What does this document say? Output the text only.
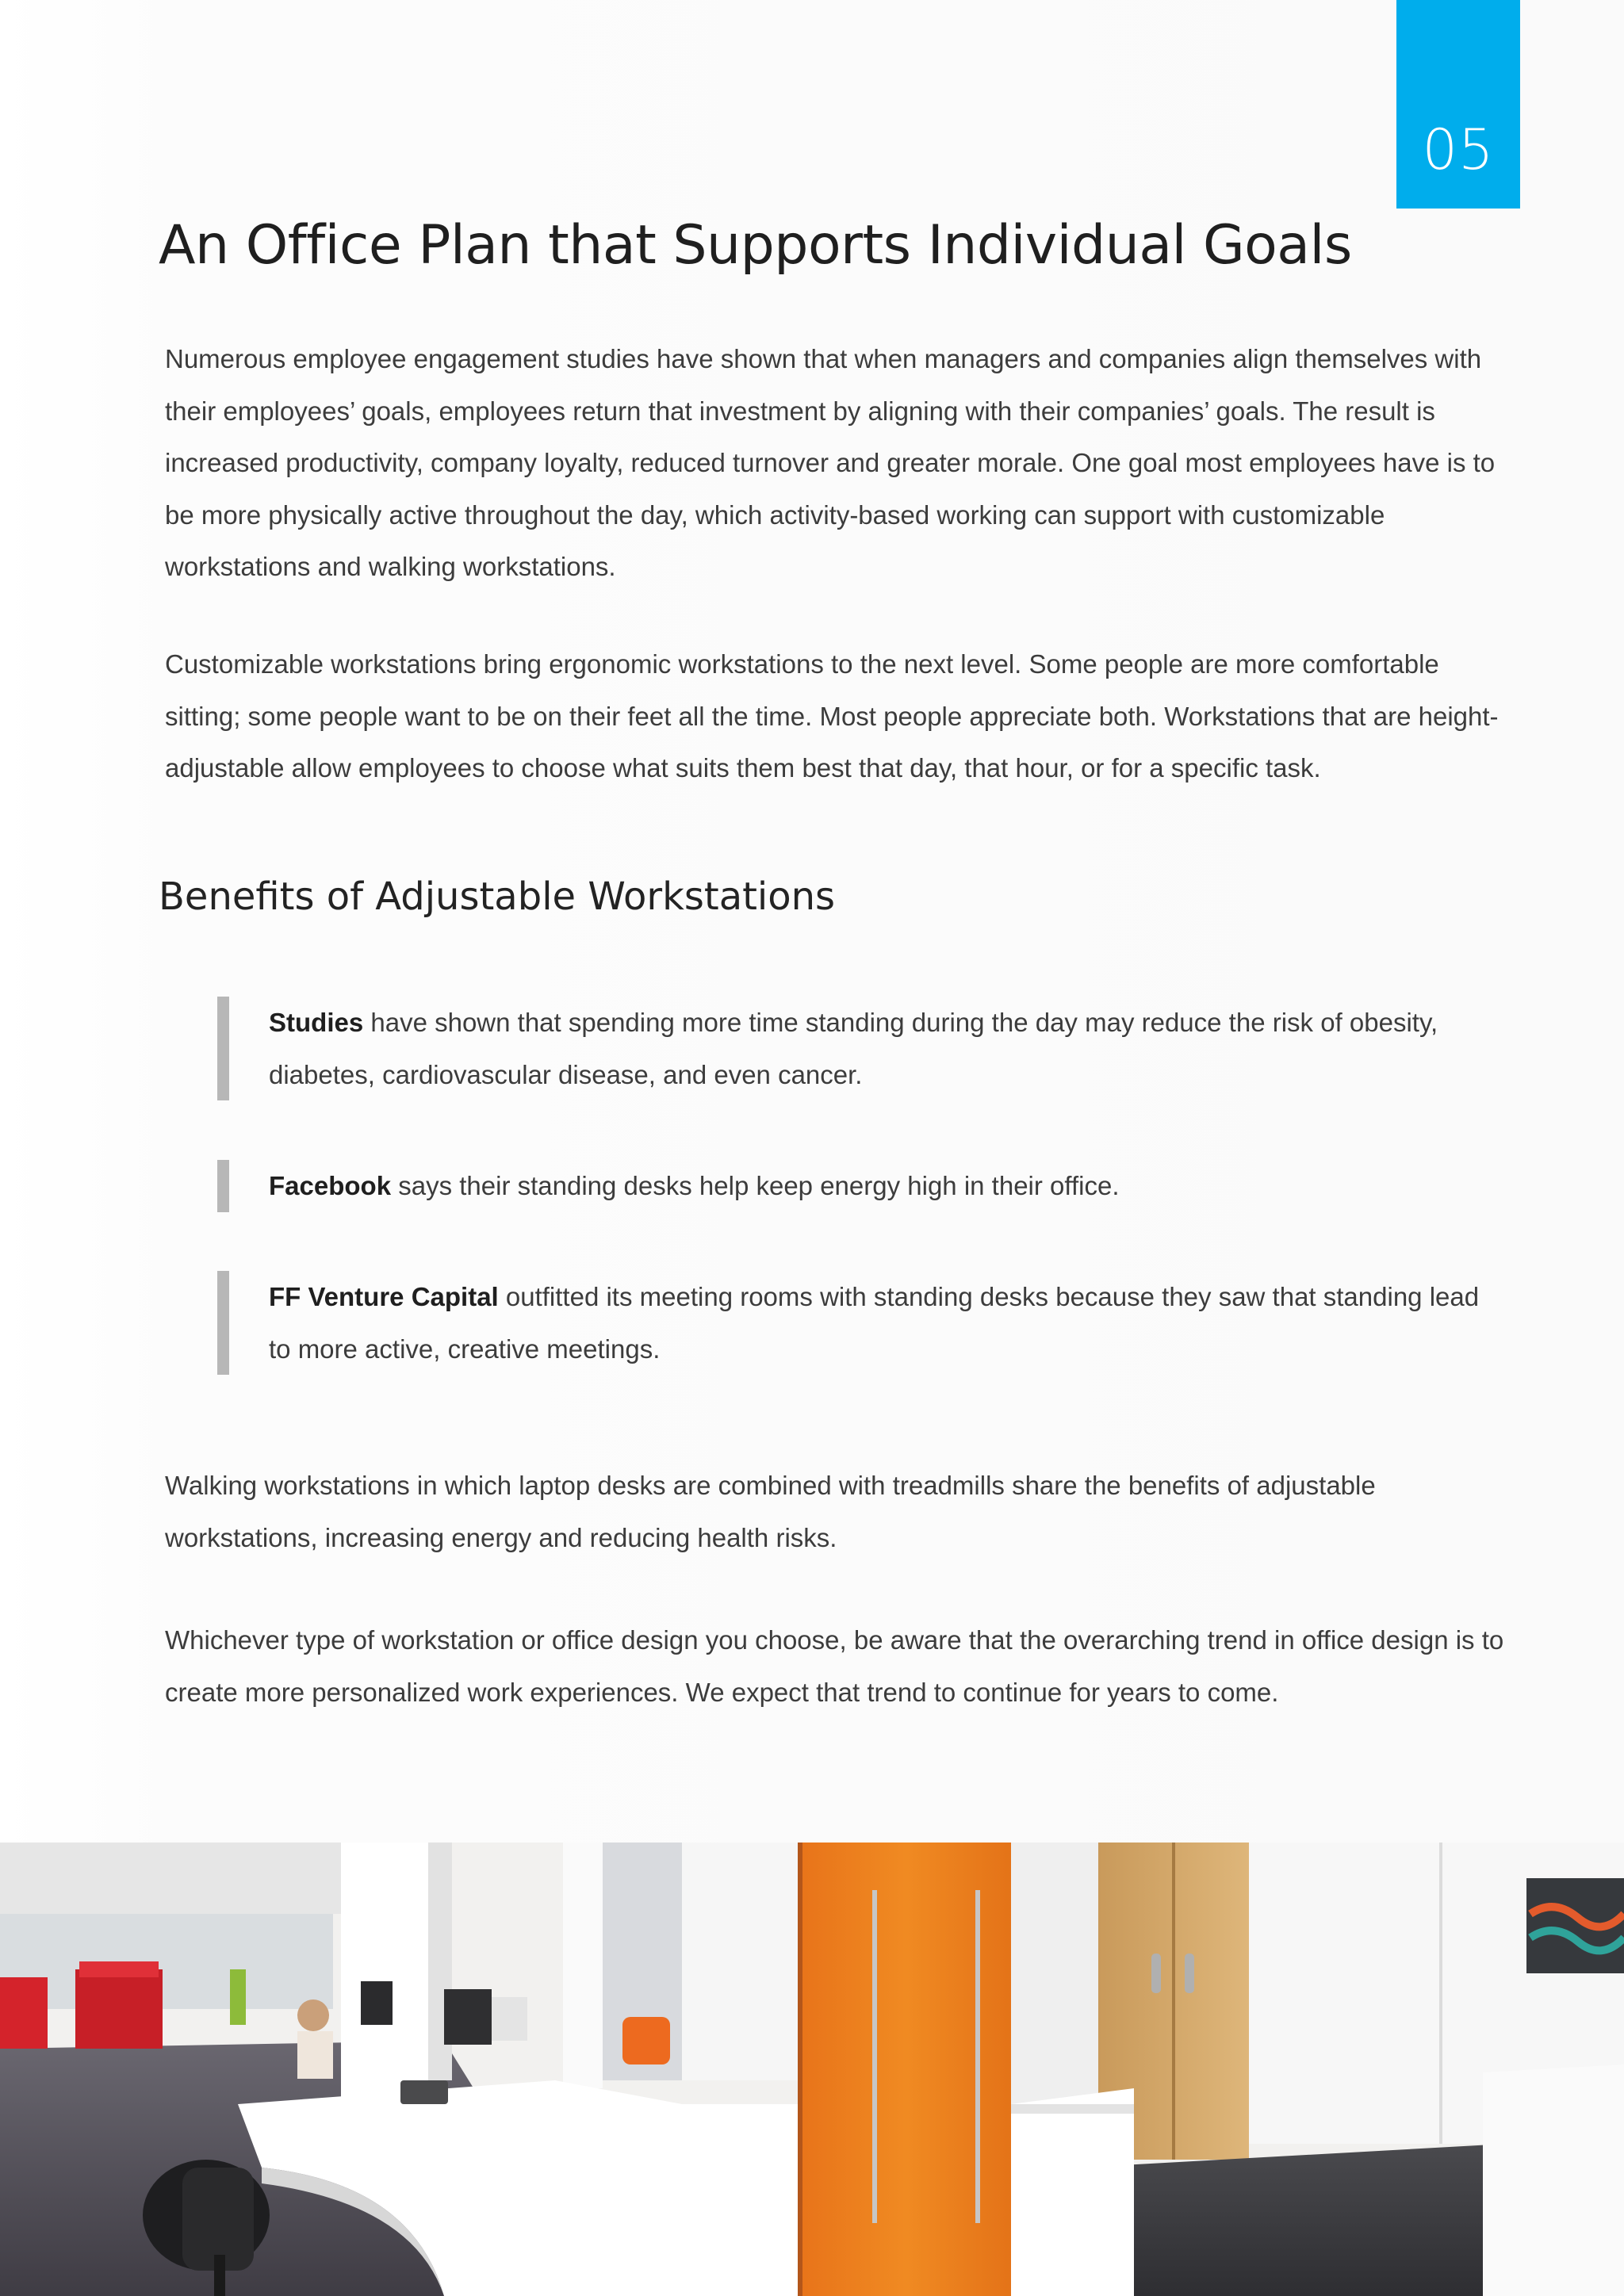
05
An Office Plan that Supports Individual Goals

Numerous employee engagement studies have shown that when managers and companies align themselves with their employees’ goals, employees return that investment by aligning with their companies’ goals. The result is increased productivity, company loyalty, reduced turnover and greater morale. One goal most employees have is to be more physically active throughout the day, which activity-based working can support with customizable workstations and walking workstations.

Customizable workstations bring ergonomic workstations to the next level. Some people are more comfortable sitting; some people want to be on their feet all the time. Most people appreciate both. Workstations that are height-adjustable allow employees to choose what suits them best that day, that hour, or for a specific task.

Benefits of Adjustable Workstations
Studies have shown that spending more time standing during the day may reduce the risk of obesity, diabetes, cardiovascular disease, and even cancer.
Facebook says their standing desks help keep energy high in their office.
FF Venture Capital outfitted its meeting rooms with standing desks because they saw that standing lead to more active, creative meetings.

Walking workstations in which laptop desks are combined with treadmills share the benefits of adjustable workstations, increasing energy and reducing health risks.

Whichever type of workstation or office design you choose, be aware that the overarching trend in office design is to create more personalized work experiences. We expect that trend to continue for years to come.
